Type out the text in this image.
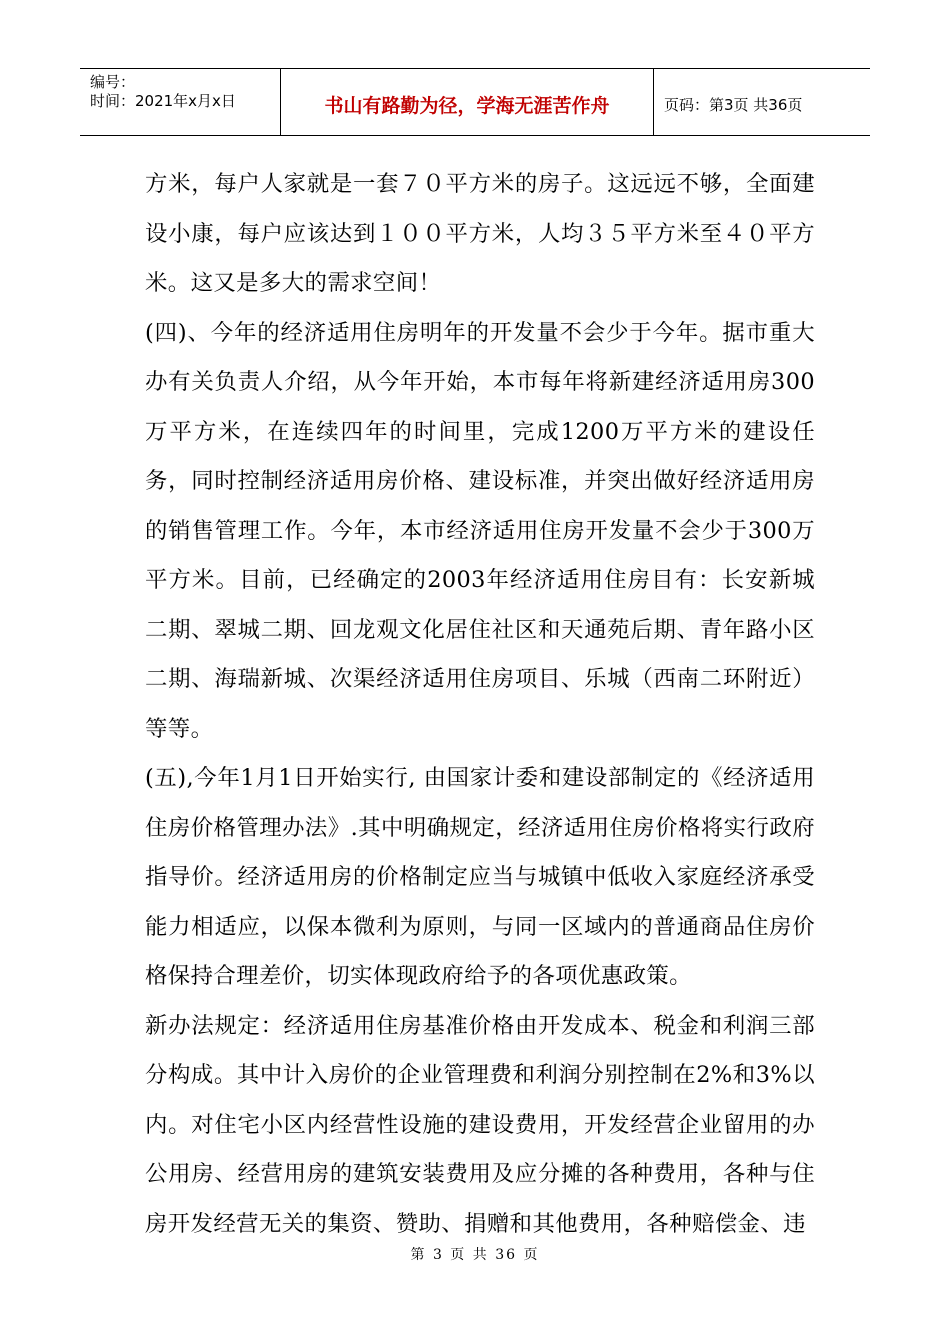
编号：
时间：2021年x月x日	书山有路勤为径，学海无涯苦作舟	页码：第3页 共36页

方米，每户人家就是一套７０平方米的房子。这远远不够，全面建设小康，每户应该达到１００平方米，人均３５平方米至４０平方米。这又是多大的需求空间！

(四)、今年的经济适用住房明年的开发量不会少于今年。据市重大办有关负责人介绍，从今年开始，本市每年将新建经济适用房300万平方米，在连续四年的时间里，完成1200万平方米的建设任务，同时控制经济适用房价格、建设标准，并突出做好经济适用房的销售管理工作。今年，本市经济适用住房开发量不会少于300万平方米。目前，已经确定的2003年经济适用住房目有：长安新城二期、翠城二期、回龙观文化居住社区和天通苑后期、青年路小区二期、海瑞新城、次渠经济适用住房项目、乐城（西南二环附近）等等。

(五),今年1月1日开始实行, 由国家计委和建设部制定的《经济适用住房价格管理办法》.其中明确规定，经济适用住房价格将实行政府指导价。经济适用房的价格制定应当与城镇中低收入家庭经济承受能力相适应，以保本微利为原则，与同一区域内的普通商品住房价格保持合理差价，切实体现政府给予的各项优惠政策。

新办法规定：经济适用住房基准价格由开发成本、税金和利润三部分构成。其中计入房价的企业管理费和利润分别控制在2%和3%以内。对住宅小区内经营性设施的建设费用，开发经营企业留用的办公用房、经营用房的建筑安装费用及应分摊的各种费用，各种与住房开发经营无关的集资、赞助、捐赠和其他费用，各种赔偿金、违

第 3 页 共 36 页
